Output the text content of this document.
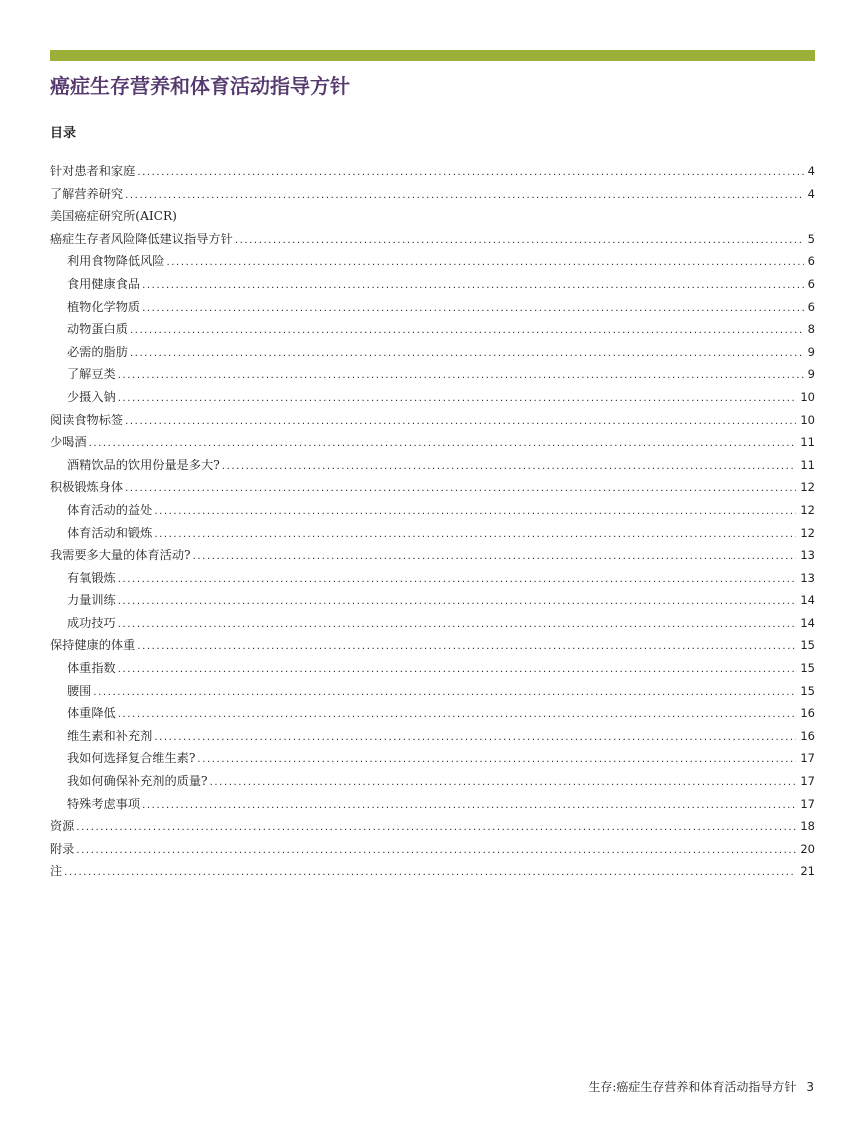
癌症生存营养和体育活动指导方针
目录
针对患者和家庭 .....	4
了解营养研究 .....	4
美国癌症研究所(AICR)
癌症生存者风险降低建议指导方针 .....	5
利用食物降低风险 .....	6
食用健康食品 .....	6
植物化学物质 .....	6
动物蛋白质 .....	8
必需的脂肪 .....	9
了解豆类 .....	9
少摄入钠 .....	10
阅读食物标签 .....	10
少喝酒 .....	11
酒精饮品的饮用份量是多大? .....	11
积极锻炼身体 .....	12
体育活动的益处 .....	12
体育活动和锻炼 .....	12
我需要多大量的体育活动? .....	13
有氧锻炼 .....	13
力量训练 .....	14
成功技巧 .....	14
保持健康的体重 .....	15
体重指数 .....	15
腰围 .....	15
体重降低 .....	16
维生素和补充剂 .....	16
我如何选择复合维生素? .....	17
我如何确保补充剂的质量? .....	17
特殊考虑事项 .....	17
资源 .....	18
附录 .....	20
注 .....	21
生存:癌症生存营养和体育活动指导方针 3
